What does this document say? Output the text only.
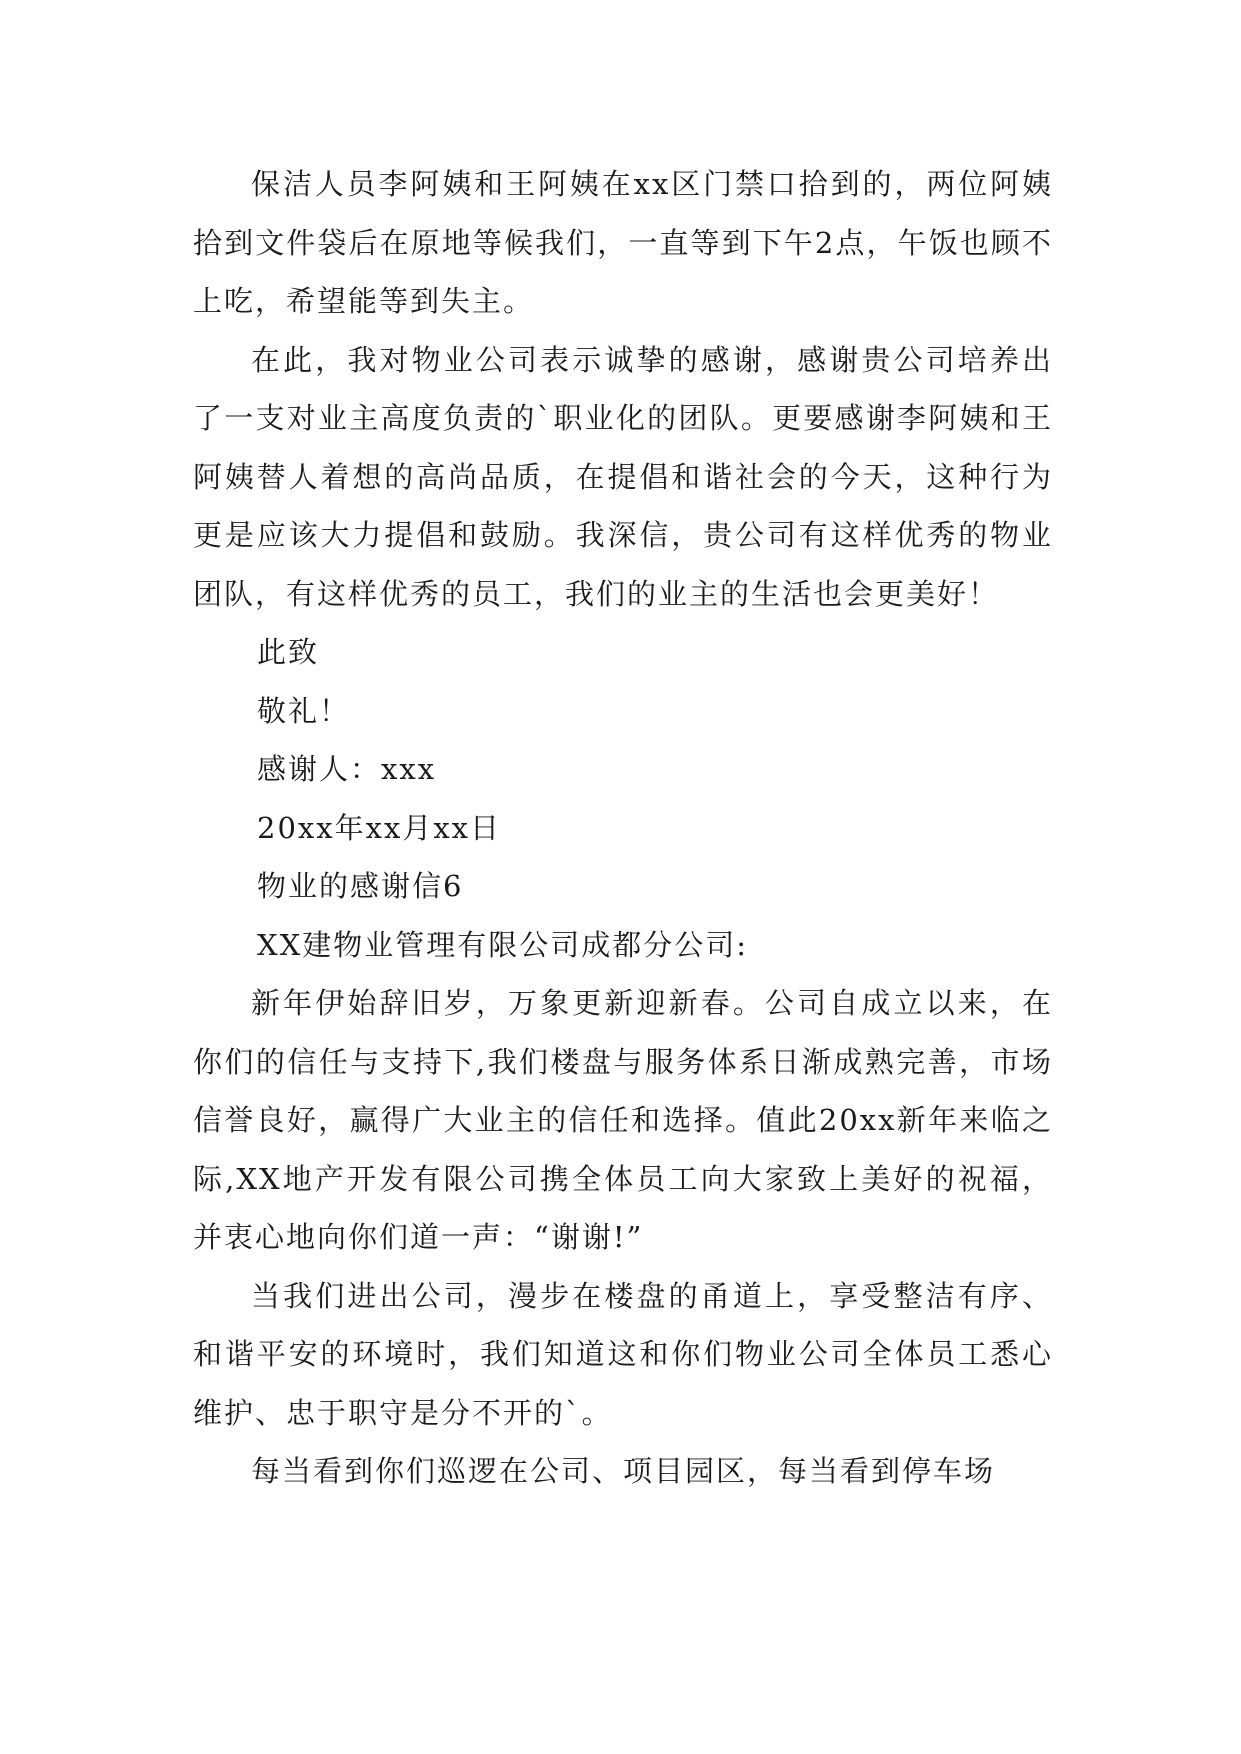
保洁人员李阿姨和王阿姨在xx区门禁口拾到的，两位阿姨拾到文件袋后在原地等候我们，一直等到下午2点，午饭也顾不上吃，希望能等到失主。

在此，我对物业公司表示诚挚的感谢，感谢贵公司培养出了一支对业主高度负责的`职业化的团队。更要感谢李阿姨和王阿姨替人着想的高尚品质，在提倡和谐社会的今天，这种行为更是应该大力提倡和鼓励。我深信，贵公司有这样优秀的物业团队，有这样优秀的员工，我们的业主的生活也会更美好！

此致

敬礼！

感谢人：xxx

20xx年xx月xx日

物业的感谢信6

XX建物业管理有限公司成都分公司:

新年伊始辞旧岁，万象更新迎新春。公司自成立以来，在你们的信任与支持下,我们楼盘与服务体系日渐成熟完善，市场信誉良好，赢得广大业主的信任和选择。值此20xx新年来临之际,XX地产开发有限公司携全体员工向大家致上美好的祝福，并衷心地向你们道一声：“谢谢!”

当我们进出公司，漫步在楼盘的甬道上，享受整洁有序、和谐平安的环境时，我们知道这和你们物业公司全体员工悉心维护、忠于职守是分不开的`。

每当看到你们巡逻在公司、项目园区，每当看到停车场
